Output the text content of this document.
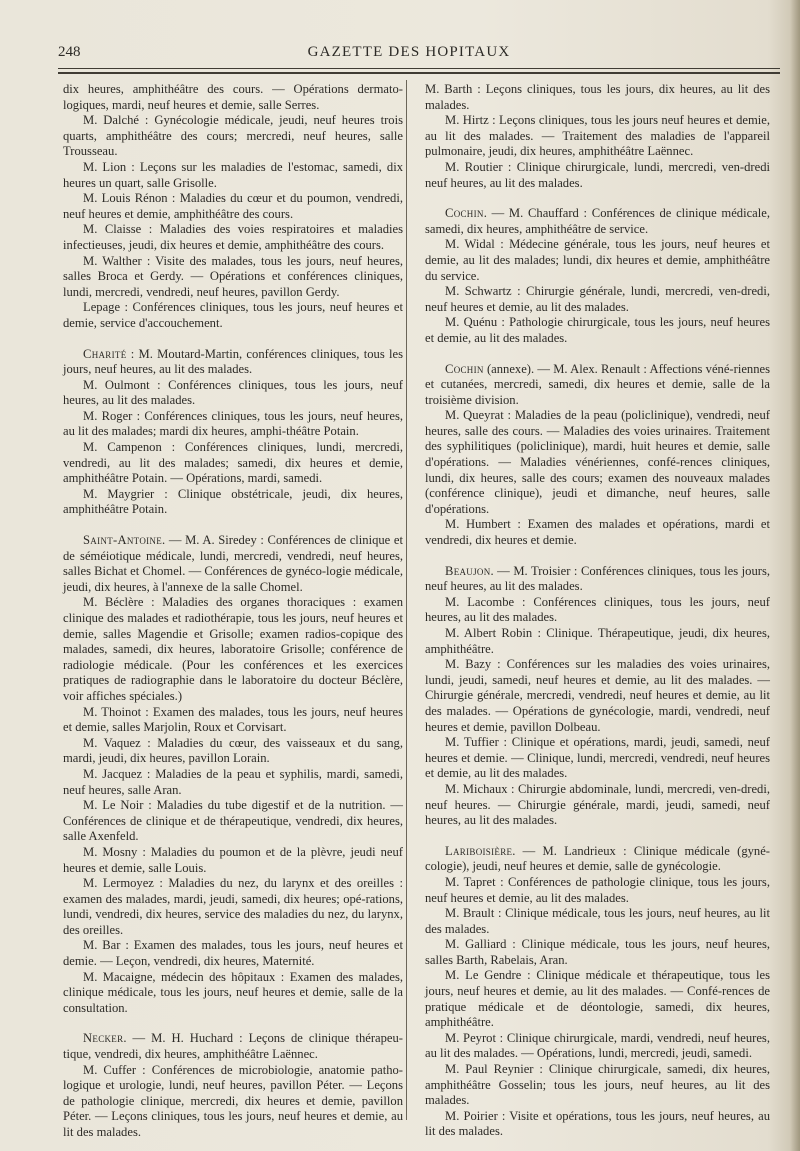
248	GAZETTE DES HOPITAUX

dix heures, amphithéâtre des cours. — Opérations dermato-logiques, mardi, neuf heures et demie, salle Serres.

M. Dalché : Gynécologie médicale, jeudi, neuf heures trois quarts, amphithéâtre des cours; mercredi, neuf heures, salle Trousseau.

M. Lion : Leçons sur les maladies de l'estomac, samedi, dix heures un quart, salle Grisolle.

M. Louis Rénon : Maladies du cœur et du poumon, vendredi, neuf heures et demie, amphithéâtre des cours.

M. Claisse : Maladies des voies respiratoires et maladies infectieuses, jeudi, dix heures et demie, amphithéâtre des cours.

M. Walther : Visite des malades, tous les jours, neuf heures, salles Broca et Gerdy. — Opérations et conférences cliniques, lundi, mercredi, vendredi, neuf heures, pavillon Gerdy.

Lepage : Conférences cliniques, tous les jours, neuf heures et demie, service d'accouchement.

Charité : M. Moutard-Martin, conférences cliniques, tous les jours, neuf heures, au lit des malades.

M. Oulmont : Conférences cliniques, tous les jours, neuf heures, au lit des malades.

M. Roger : Conférences cliniques, tous les jours, neuf heures, au lit des malades; mardi dix heures, amphi-théâtre Potain.

M. Campenon : Conférences cliniques, lundi, mercredi, vendredi, au lit des malades; samedi, dix heures et demie, amphithéâtre Potain. — Opérations, mardi, samedi.

M. Maygrier : Clinique obstétricale, jeudi, dix heures, amphithéâtre Potain.

Saint-Antoine. — M. A. Siredey : Conférences de clinique et de séméiotique médicale, lundi, mercredi, vendredi, neuf heures, salles Bichat et Chomel. — Conférences de gynéco-logie médicale, jeudi, dix heures, à l'annexe de la salle Chomel.

M. Béclère : Maladies des organes thoraciques : examen clinique des malades et radiothérapie, tous les jours, neuf heures et demie, salles Magendie et Grisolle; examen radios-copique des malades, samedi, dix heures, laboratoire Grisolle; conférence de radiologie médicale. (Pour les conférences et les exercices pratiques de radiographie dans le laboratoire du docteur Béclère, voir affiches spéciales.)

M. Thoinot : Examen des malades, tous les jours, neuf heures et demie, salles Marjolin, Roux et Corvisart.

M. Vaquez : Maladies du cœur, des vaisseaux et du sang, mardi, jeudi, dix heures, pavillon Lorain.

M. Jacquez : Maladies de la peau et syphilis, mardi, samedi, neuf heures, salle Aran.

M. Le Noir : Maladies du tube digestif et de la nutrition. — Conférences de clinique et de thérapeutique, vendredi, dix heures, salle Axenfeld.

M. Mosny : Maladies du poumon et de la plèvre, jeudi neuf heures et demie, salle Louis.

M. Lermoyez : Maladies du nez, du larynx et des oreilles : examen des malades, mardi, jeudi, samedi, dix heures; opé-rations, lundi, vendredi, dix heures, service des maladies du nez, du larynx, des oreilles.

M. Bar : Examen des malades, tous les jours, neuf heures et demie. — Leçon, vendredi, dix heures, Maternité.

M. Macaigne, médecin des hôpitaux : Examen des malades, clinique médicale, tous les jours, neuf heures et demie, salle de la consultation.

Necker. — M. H. Huchard : Leçons de clinique thérapeu-tique, vendredi, dix heures, amphithéâtre Laënnec.

M. Cuffer : Conférences de microbiologie, anatomie patho-logique et urologie, lundi, neuf heures, pavillon Péter. — Leçons de pathologie clinique, mercredi, dix heures et demie, pavillon Péter. — Leçons cliniques, tous les jours, neuf heures et demie, au lit des malades.

M. Barth : Leçons cliniques, tous les jours, dix heures, au lit des malades.

M. Hirtz : Leçons cliniques, tous les jours neuf heures et demie, au lit des malades. — Traitement des maladies de l'appareil pulmonaire, jeudi, dix heures, amphithéâtre Laënnec.

M. Routier : Clinique chirurgicale, lundi, mercredi, ven-dredi neuf heures, au lit des malades.

Cochin. — M. Chauffard : Conférences de clinique médicale, samedi, dix heures, amphithéâtre de service.

M. Widal : Médecine générale, tous les jours, neuf heures et demie, au lit des malades; lundi, dix heures et demie, amphithéâtre du service.

M. Schwartz : Chirurgie générale, lundi, mercredi, ven-dredi, neuf heures et demie, au lit des malades.

M. Quénu : Pathologie chirurgicale, tous les jours, neuf heures et demie, au lit des malades.

Cochin (annexe). — M. Alex. Renault : Affections véné-riennes et cutanées, mercredi, samedi, dix heures et demie, salle de la troisième division.

M. Queyrat : Maladies de la peau (policlinique), vendredi, neuf heures, salle des cours. — Maladies des voies urinaires. Traitement des syphilitiques (policlinique), mardi, huit heures et demie, salle d'opérations. — Maladies vénériennes, confé-rences cliniques, lundi, dix heures, salle des cours; examen des nouveaux malades (conférence clinique), jeudi et dimanche, neuf heures, salle d'opérations.

M. Humbert : Examen des malades et opérations, mardi et vendredi, dix heures et demie.

Beaujon. — M. Troisier : Conférences cliniques, tous les jours, neuf heures, au lit des malades.

M. Lacombe : Conférences cliniques, tous les jours, neuf heures, au lit des malades.

M. Albert Robin : Clinique. Thérapeutique, jeudi, dix heures, amphithéâtre.

M. Bazy : Conférences sur les maladies des voies urinaires, lundi, jeudi, samedi, neuf heures et demie, au lit des malades. — Chirurgie générale, mercredi, vendredi, neuf heures et demie, au lit des malades. — Opérations de gynécologie, mardi, vendredi, neuf heures et demie, pavillon Dolbeau.

M. Tuffier : Clinique et opérations, mardi, jeudi, samedi, neuf heures et demie. — Clinique, lundi, mercredi, vendredi, neuf heures et demie, au lit des malades.

M. Michaux : Chirurgie abdominale, lundi, mercredi, ven-dredi, neuf heures. — Chirurgie générale, mardi, jeudi, samedi, neuf heures, au lit des malades.

Lariboisière. — M. Landrieux : Clinique médicale (gyné-cologie), jeudi, neuf heures et demie, salle de gynécologie.

M. Tapret : Conférences de pathologie clinique, tous les jours, neuf heures et demie, au lit des malades.

M. Brault : Clinique médicale, tous les jours, neuf heures, au lit des malades.

M. Galliard : Clinique médicale, tous les jours, neuf heures, salles Barth, Rabelais, Aran.

M. Le Gendre : Clinique médicale et thérapeutique, tous les jours, neuf heures et demie, au lit des malades. — Confé-rences de pratique médicale et de déontologie, samedi, dix heures, amphithéâtre.

M. Peyrot : Clinique chirurgicale, mardi, vendredi, neuf heures, au lit des malades. — Opérations, lundi, mercredi, jeudi, samedi.

M. Paul Reynier : Clinique chirurgicale, samedi, dix heures, amphithéâtre Gosselin; tous les jours, neuf heures, au lit des malades.

M. Poirier : Visite et opérations, tous les jours, neuf heures, au lit des malades.
